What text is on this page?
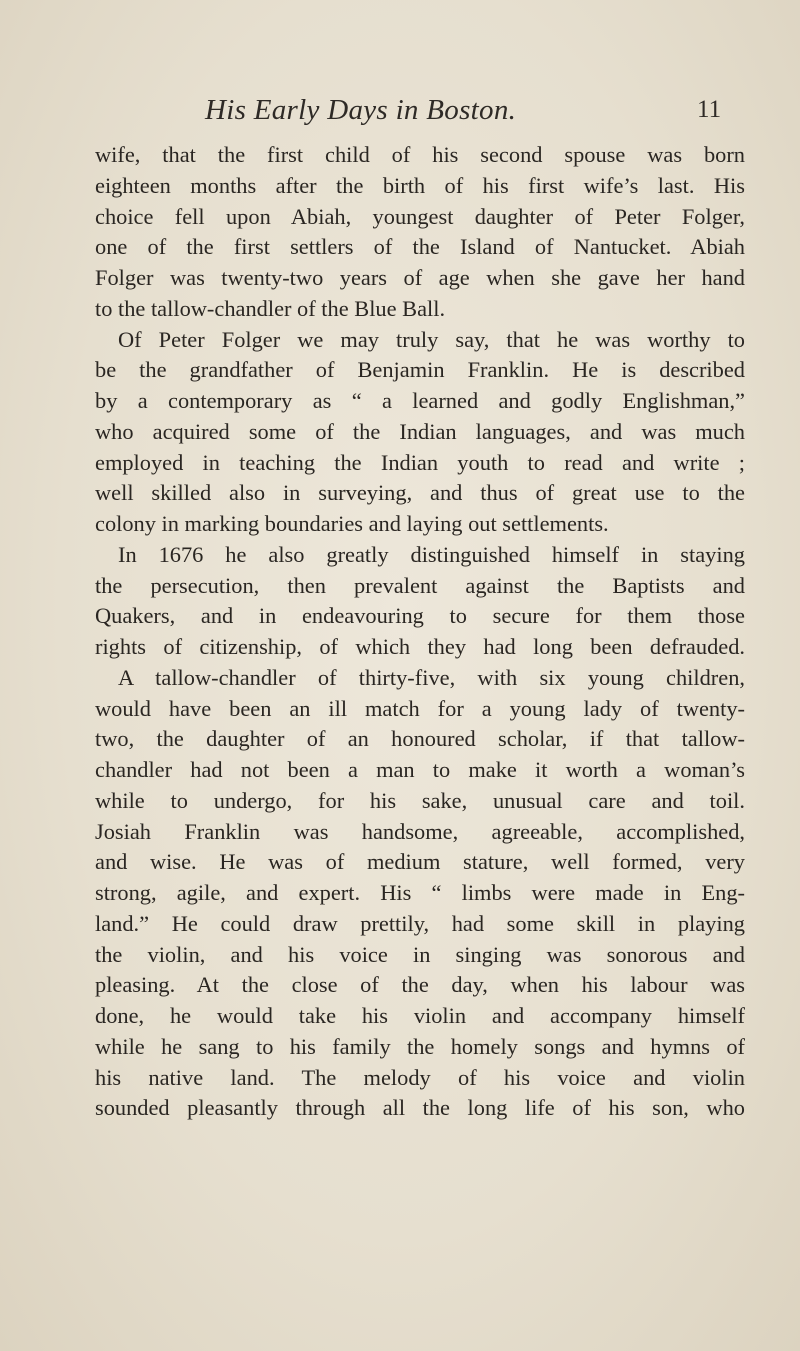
His Early Days in Boston.	11
wife, that the first child of his second spouse was born
eighteen months after the birth of his first wife’s last. His
choice fell upon Abiah, youngest daughter of Peter Folger,
one of the first settlers of the Island of Nantucket. Abiah
Folger was twenty-two years of age when she gave her hand
to the tallow-chandler of the Blue Ball.
Of Peter Folger we may truly say, that he was worthy to
be the grandfather of Benjamin Franklin. He is described
by a contemporary as “ a learned and godly Englishman,”
who acquired some of the Indian languages, and was much
employed in teaching the Indian youth to read and write ;
well skilled also in surveying, and thus of great use to the
colony in marking boundaries and laying out settlements.
In 1676 he also greatly distinguished himself in staying
the persecution, then prevalent against the Baptists and
Quakers, and in endeavouring to secure for them those
rights of citizenship, of which they had long been defrauded.
A tallow-chandler of thirty-five, with six young children,
would have been an ill match for a young lady of twenty-
two, the daughter of an honoured scholar, if that tallow-
chandler had not been a man to make it worth a woman’s
while to undergo, for his sake, unusual care and toil.
Josiah Franklin was handsome, agreeable, accomplished,
and wise. He was of medium stature, well formed, very
strong, agile, and expert. His “ limbs were made in Eng-
land.” He could draw prettily, had some skill in playing
the violin, and his voice in singing was sonorous and
pleasing. At the close of the day, when his labour was
done, he would take his violin and accompany himself
while he sang to his family the homely songs and hymns of
his native land. The melody of his voice and violin
sounded pleasantly through all the long life of his son, who
